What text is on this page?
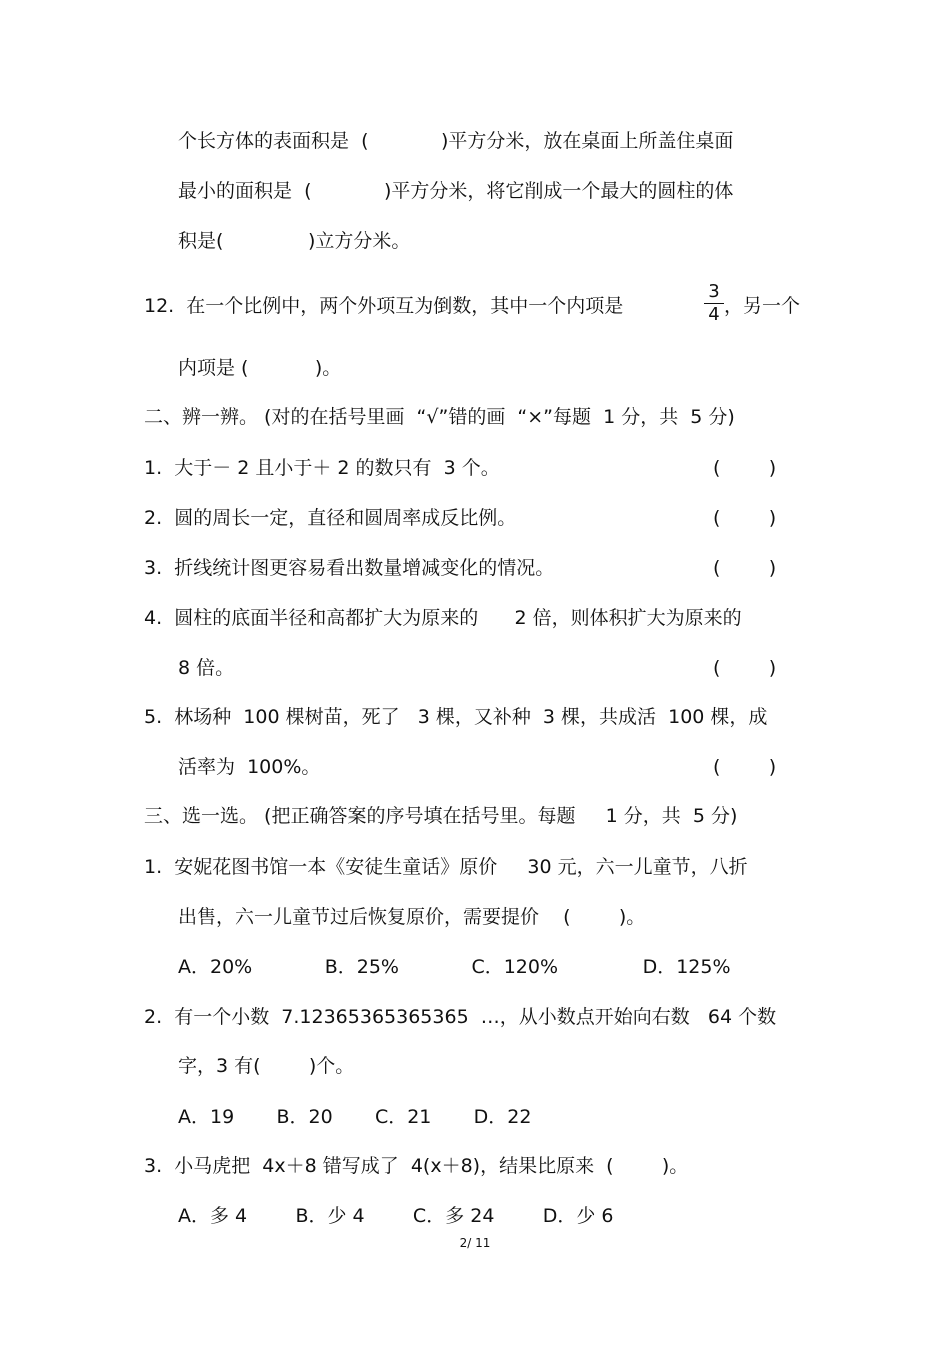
个长方体的表面积是  (            )平方分米，放在桌面上所盖住桌面
最小的面积是  (            )平方分米，将它削成一个最大的圆柱的体
积是(              )立方分米。
12.  在一个比例中，两个外项互为倒数，其中一个内项是	$\frac{3}{4}$ ，另一个
内项是 (           )。
二、辨一辨。 (对的在括号里画  “√”错的画  “×”每题  1 分，共  5 分)
1.  大于－ 2 且小于＋ 2 的数只有  3 个。	(        )
2.  圆的周长一定，直径和圆周率成反比例。	(        )
3.  折线统计图更容易看出数量增减变化的情况。	(        )
4.  圆柱的底面半径和高都扩大为原来的      2 倍，则体积扩大为原来的
8 倍。	(        )
5.  林场种  100 棵树苗，死了   3 棵，又补种  3 棵，共成活  100 棵，成
活率为  100%。	(        )
三、选一选。 (把正确答案的序号填在括号里。每题     1 分，共  5 分)
1.  安妮花图书馆一本《安徒生童话》原价     30 元，六一儿童节，八折
出售，六一儿童节过后恢复原价，需要提价    (        )。
A．20%            B．25%            C．120%              D．125%
2.  有一个小数  7.12365365365365  …，从小数点开始向右数   64 个数
字，3 有(        )个。
A．19       B．20       C．21       D．22
3.  小马虎把  4x＋8 错写成了  4(x＋8)，结果比原来  (        )。
A．多 4        B．少 4        C．多 24        D．少 6
2/ 11
